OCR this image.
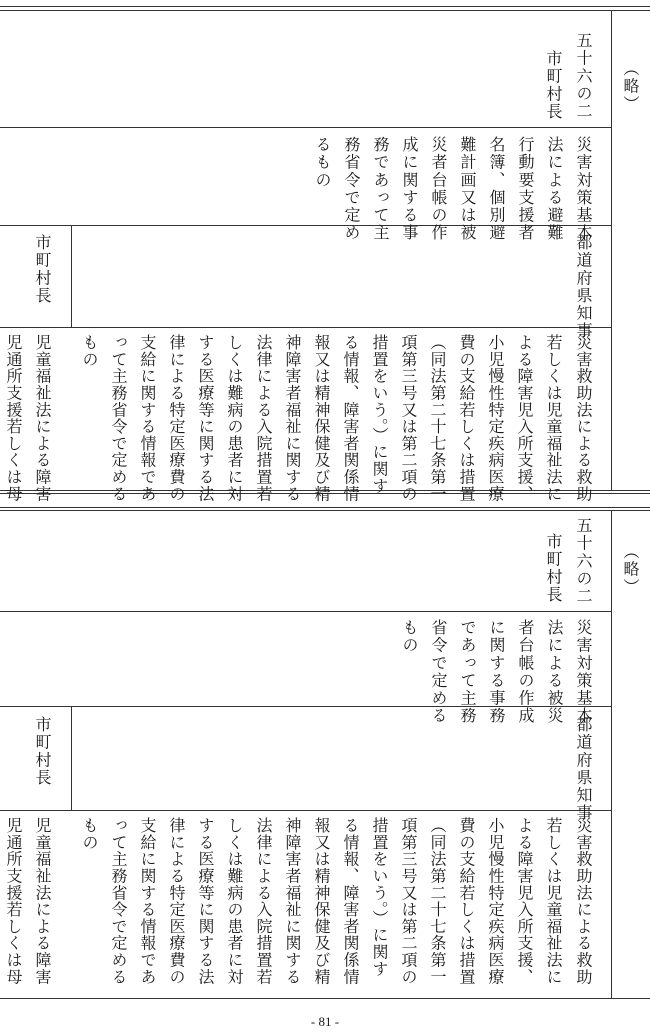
（略）
五十六の二
市町村長
災害対策基本
法による避難
行動要支援者
名簿、個別避
難計画又は被
災者台帳の作
成に関する事
務であって主
務省令で定め
るもの
都道府県知事
市町村長
災害救助法による救助
若しくは児童福祉法に
よる障害児入所支援、
小児慢性特定疾病医療
費の支給若しくは措置
（同法第二十七条第一
項第三号又は第二項の
措置をいう。）に関す
る情報、障害者関係情
報又は精神保健及び精
神障害者福祉に関する
法律による入院措置若
しくは難病の患者に対
する医療等に関する法
律による特定医療費の
支給に関する情報であ
って主務省令で定める
もの
児童福祉法による障害
児通所支援若しくは母
（略）
五十六の二
市町村長
災害対策基本
法による被災
者台帳の作成
に関する事務
であって主務
省令で定める
もの
都道府県知事
市町村長
災害救助法による救助
若しくは児童福祉法に
よる障害児入所支援、
小児慢性特定疾病医療
費の支給若しくは措置
（同法第二十七条第一
項第三号又は第二項の
措置をいう。）に関す
る情報、障害者関係情
報又は精神保健及び精
神障害者福祉に関する
法律による入院措置若
しくは難病の患者に対
する医療等に関する法
律による特定医療費の
支給に関する情報であ
って主務省令で定める
もの
児童福祉法による障害
児通所支援若しくは母
- 81 -
